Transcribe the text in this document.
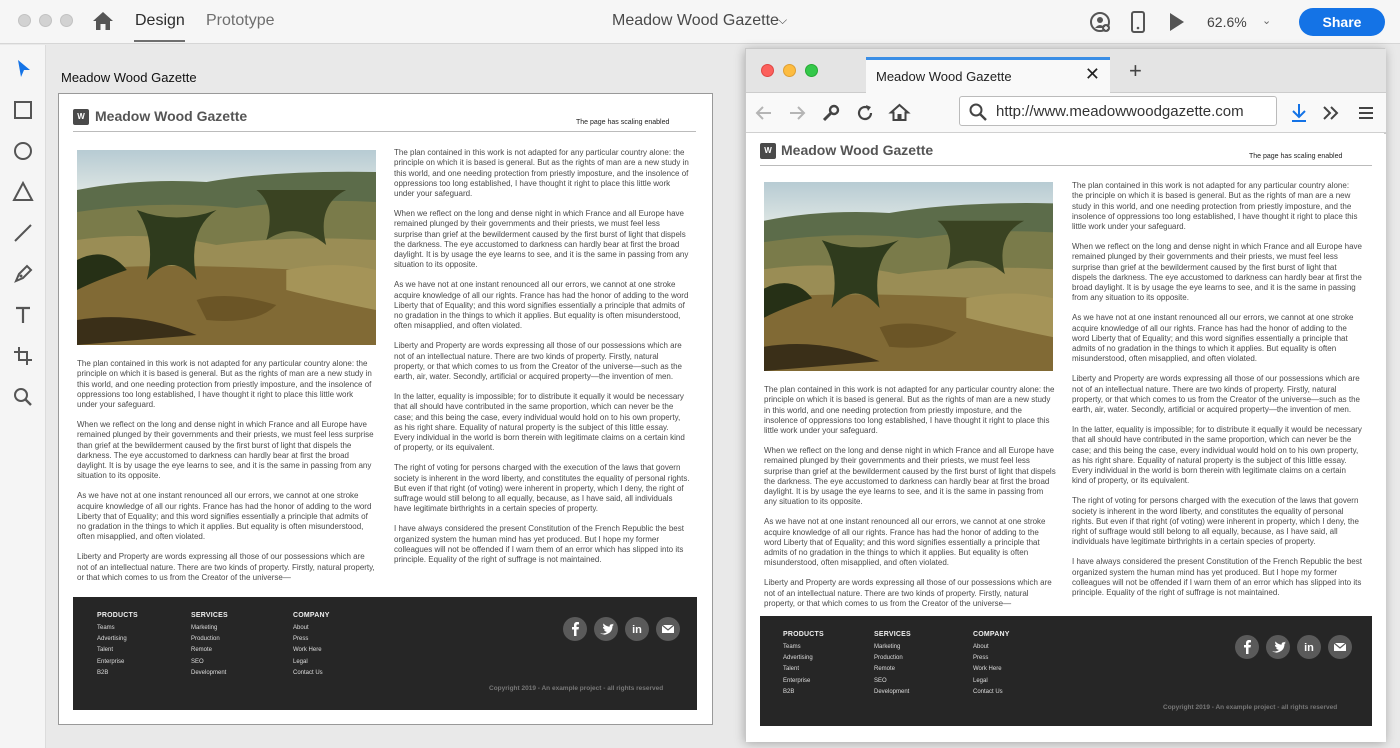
Design Prototype	Meadow Wood Gazette ⌵	62.6% ⌄	Share
Meadow Wood Gazette
W Meadow Wood Gazette	The page has scaling enabled

The plan contained in this work is not adapted for any particular country alone: the principle on which it is based is general. But as the rights of man are a new study in this world, and one needing protection from priestly imposture, and the insolence of oppressions too long established, I have thought it right to place this little work under your safeguard.

When we reflect on the long and dense night in which France and all Europe have remained plunged by their governments and their priests, we must feel less surprise than grief at the bewilderment caused by the first burst of light that dispels the darkness. The eye accustomed to darkness can hardly bear at first the broad daylight. It is by usage the eye learns to see, and it is the same in passing from any situation to its opposite.

As we have not at one instant renounced all our errors, we cannot at one stroke acquire knowledge of all our rights. France has had the honor of adding to the word Liberty that of Equality; and this word signifies essentially a principle that admits of no gradation in the things to which it applies. But equality is often misunderstood, often misapplied, and often violated.

Liberty and Property are words expressing all those of our possessions which are not of an intellectual nature. There are two kinds of property. Firstly, natural property, or that which comes to us from the Creator of the universe—

The plan contained in this work is not adapted for any particular country alone: the principle on which it is based is general. But as the rights of man are a new study in this world, and one needing protection from priestly imposture, and the insolence of oppressions too long established, I have thought it right to place this little work under your safeguard.

When we reflect on the long and dense night in which France and all Europe have remained plunged by their governments and their priests, we must feel less surprise than grief at the bewilderment caused by the first burst of light that dispels the darkness. The eye accustomed to darkness can hardly bear at first the broad daylight. It is by usage the eye learns to see, and it is the same in passing from any situation to its opposite.

As we have not at one instant renounced all our errors, we cannot at one stroke acquire knowledge of all our rights. France has had the honor of adding to the word Liberty that of Equality; and this word signifies essentially a principle that admits of no gradation in the things to which it applies. But equality is often misunderstood, often misapplied, and often violated.

Liberty and Property are words expressing all those of our possessions which are not of an intellectual nature. There are two kinds of property. Firstly, natural property, or that which comes to us from the Creator of the universe—such as the earth, air, water. Secondly, artificial or acquired property—the invention of men.

In the latter, equality is impossible; for to distribute it equally it would be necessary that all should have contributed in the same proportion, which can never be the case; and this being the case, every individual would hold on to his own property, as his right share. Equality of natural property is the subject of this little essay. Every individual in the world is born therein with legitimate claims on a certain kind of property, or its equivalent.

The right of voting for persons charged with the execution of the laws that govern society is inherent in the word liberty, and constitutes the equality of personal rights. But even if that right (of voting) were inherent in property, which I deny, the right of suffrage would still belong to all equally, because, as I have said, all individuals have legitimate birthrights in a certain species of property.

I have always considered the present Constitution of the French Republic the best organized system the human mind has yet produced. But I hope my former colleagues will not be offended if I warn them of an error which has slipped into its principle. Equality of the right of suffrage is not maintained.

PRODUCTS
Teams
Advertising
Talent
Enterprise
B2B
SERVICES
Marketing
Production
Remote
SEO
Development
COMPANY
About
Press
Work Here
Legal
Contact Us
in
Copyright 2019 - An example project - all rights reserved
Meadow Wood Gazette	✕ +
http://www.meadowwoodgazette.com
W Meadow Wood Gazette	The page has scaling enabled

The plan contained in this work is not adapted for any particular country alone: the principle on which it is based is general. But as the rights of man are a new study in this world, and one needing protection from priestly imposture, and the insolence of oppressions too long established, I have thought it right to place this little work under your safeguard.

When we reflect on the long and dense night in which France and all Europe have remained plunged by their governments and their priests, we must feel less surprise than grief at the bewilderment caused by the first burst of light that dispels the darkness. The eye accustomed to darkness can hardly bear at first the broad daylight. It is by usage the eye learns to see, and it is the same in passing from any situation to its opposite.

As we have not at one instant renounced all our errors, we cannot at one stroke acquire knowledge of all our rights. France has had the honor of adding to the word Liberty that of Equality; and this word signifies essentially a principle that admits of no gradation in the things to which it applies. But equality is often misunderstood, often misapplied, and often violated.

Liberty and Property are words expressing all those of our possessions which are not of an intellectual nature. There are two kinds of property. Firstly, natural property, or that which comes to us from the Creator of the universe—

The plan contained in this work is not adapted for any particular country alone: the principle on which it is based is general. But as the rights of man are a new study in this world, and one needing protection from priestly imposture, and the insolence of oppressions too long established, I have thought it right to place this little work under your safeguard.

When we reflect on the long and dense night in which France and all Europe have remained plunged by their governments and their priests, we must feel less surprise than grief at the bewilderment caused by the first burst of light that dispels the darkness. The eye accustomed to darkness can hardly bear at first the broad daylight. It is by usage the eye learns to see, and it is the same in passing from any situation to its opposite.

As we have not at one instant renounced all our errors, we cannot at one stroke acquire knowledge of all our rights. France has had the honor of adding to the word Liberty that of Equality; and this word signifies essentially a principle that admits of no gradation in the things to which it applies. But equality is often misunderstood, often misapplied, and often violated.

Liberty and Property are words expressing all those of our possessions which are not of an intellectual nature. There are two kinds of property. Firstly, natural property, or that which comes to us from the Creator of the universe—such as the earth, air, water. Secondly, artificial or acquired property—the invention of men.

In the latter, equality is impossible; for to distribute it equally it would be necessary that all should have contributed in the same proportion, which can never be the case; and this being the case, every individual would hold on to his own property, as his right share. Equality of natural property is the subject of this little essay. Every individual in the world is born therein with legitimate claims on a certain kind of property, or its equivalent.

The right of voting for persons charged with the execution of the laws that govern society is inherent in the word liberty, and constitutes the equality of personal rights. But even if that right (of voting) were inherent in property, which I deny, the right of suffrage would still belong to all equally, because, as I have said, all individuals have legitimate birthrights in a certain species of property.

I have always considered the present Constitution of the French Republic the best organized system the human mind has yet produced. But I hope my former colleagues will not be offended if I warn them of an error which has slipped into its principle. Equality of the right of suffrage is not maintained.

PRODUCTS
Teams
Advertising
Talent
Enterprise
B2B
SERVICES
Marketing
Production
Remote
SEO
Development
COMPANY
About
Press
Work Here
Legal
Contact Us
in
Copyright 2019 - An example project - all rights reserved
